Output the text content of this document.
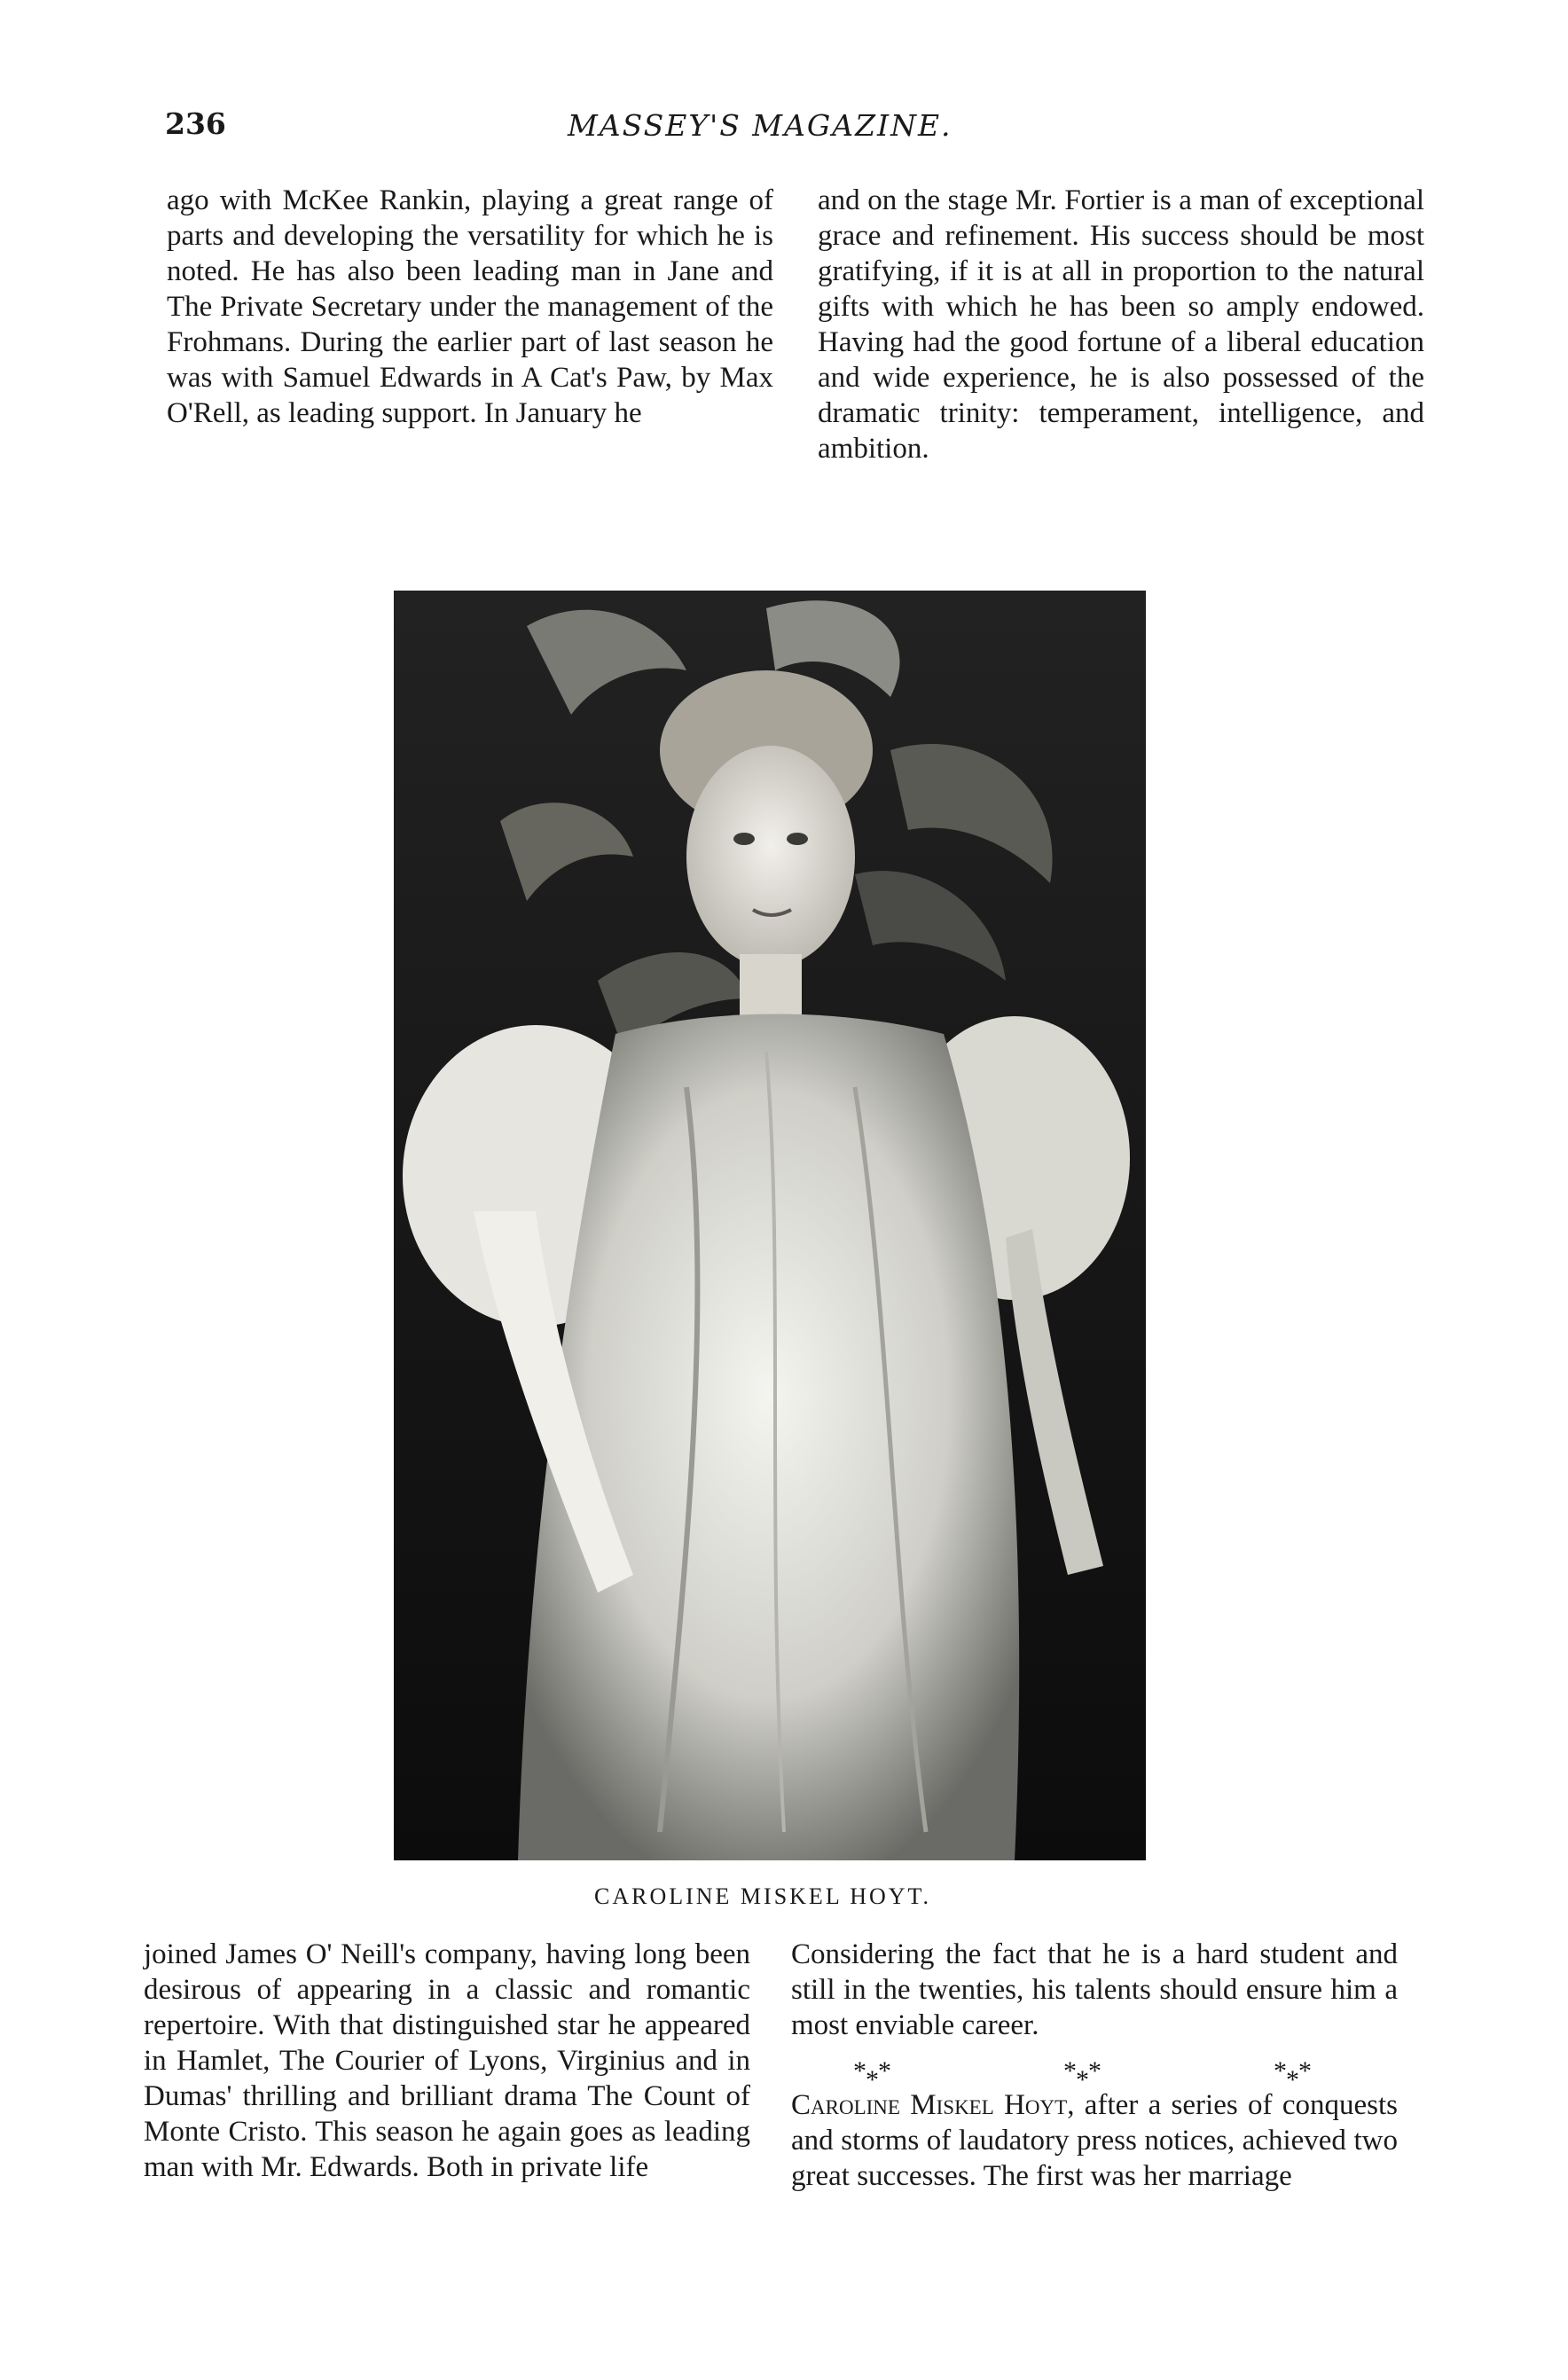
236	MASSEY'S MAGAZINE.

ago with McKee Rankin, playing a great range of parts and developing the versatility for which he is noted. He has also been leading man in Jane and The Private Secretary under the management of the Frohmans. During the earlier part of last season he was with Samuel Edwards in A Cat's Paw, by Max O'Rell, as leading support. In January he

and on the stage Mr. Fortier is a man of exceptional grace and refinement. His success should be most gratifying, if it is at all in proportion to the natural gifts with which he has been so amply endowed. Having had the good fortune of a liberal education and wide experience, he is also possessed of the dramatic trinity: temperament, intelligence, and ambition.

CAROLINE MISKEL HOYT.

joined James O' Neill's company, having long been desirous of appearing in a classic and romantic repertoire. With that distinguished star he appeared in Hamlet, The Courier of Lyons, Virginius and in Dumas' thrilling and brilliant drama The Count of Monte Cristo. This season he again goes as leading man with Mr. Edwards. Both in private life

Considering the fact that he is a hard student and still in the twenties, his talents should ensure him a most enviable career.

* * *	* * *	* * *

Caroline Miskel Hoyt, after a series of conquests and storms of laudatory press notices, achieved two great successes. The first was her marriage
